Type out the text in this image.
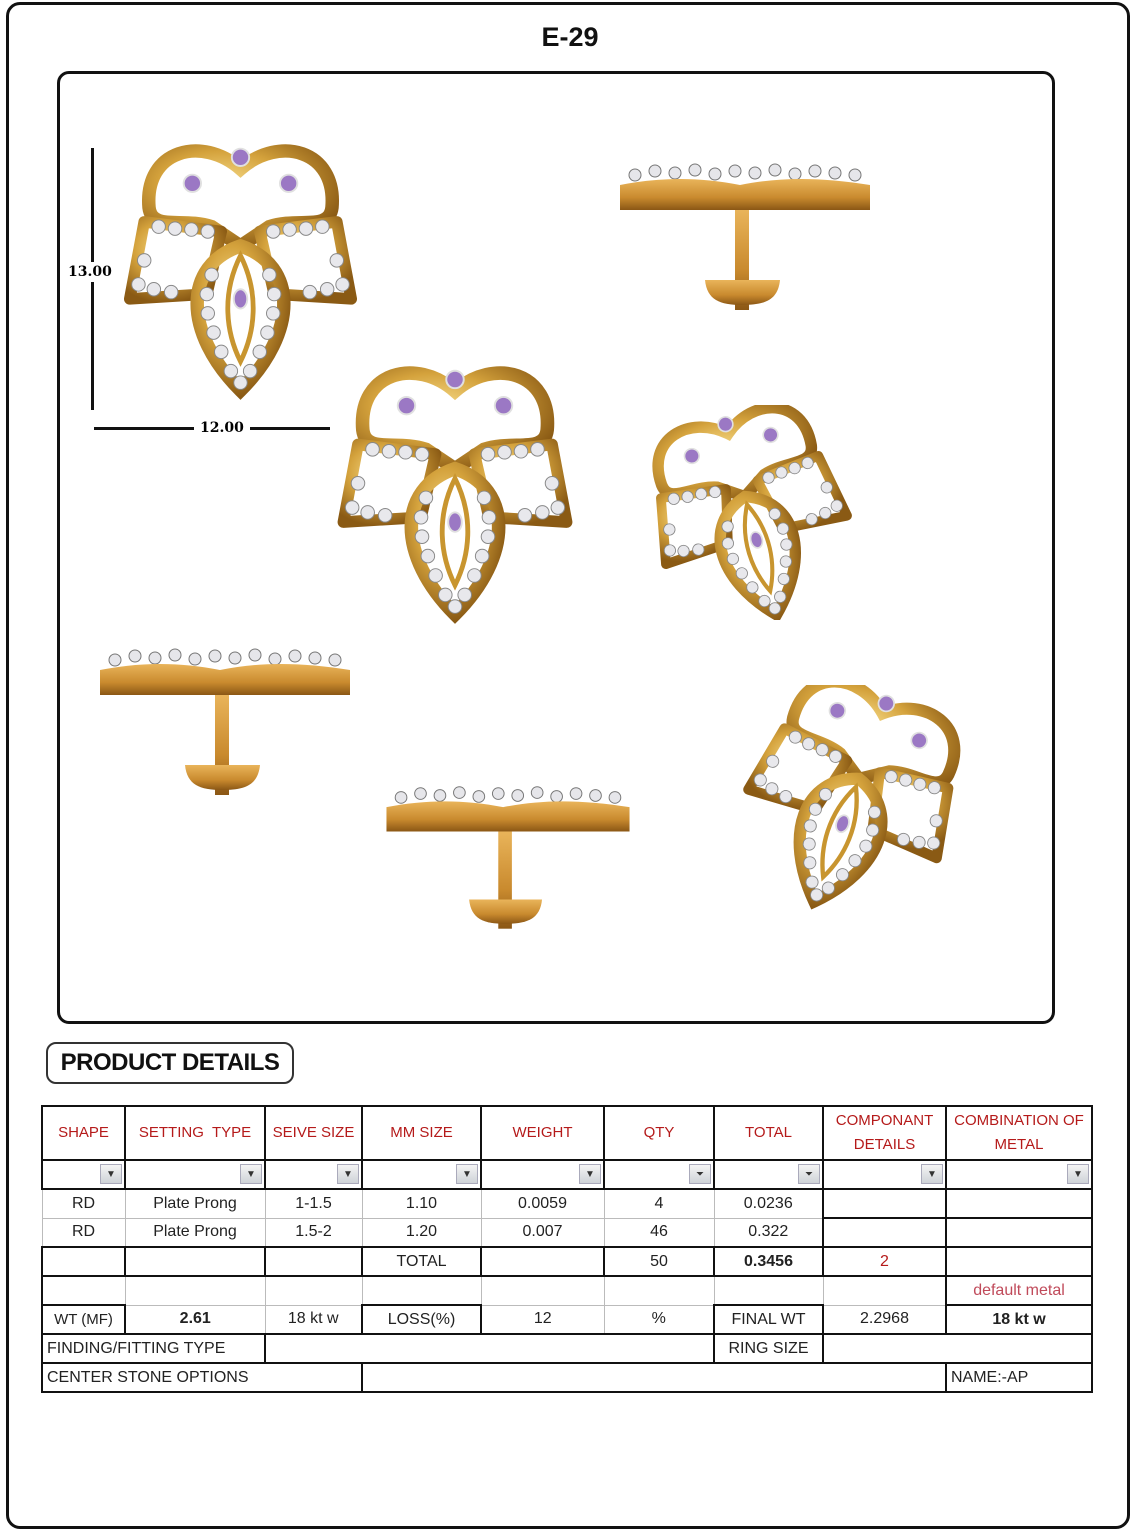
E-29
13.00
12.00
PRODUCT DETAILS
SHAPE	SETTING  TYPE	SEIVE SIZE	MM SIZE	WEIGHT	QTY	TOTAL	COMPONANT DETAILS	COMBINATION OF METAL

▼	▼	▼	▼	▼	⏷	⏷	▼	▼

RD	Plate Prong	1-1.5	1.10	0.0059	4	0.0236		
RD	Plate Prong	1.5-2	1.20	0.007	46	0.322		
			TOTAL		50	0.3456	2	
								default metal
WT (MF)	2.61	18 kt w	LOSS(%)	12	%	FINAL WT	2.2968	18 kt w
FINDING/FITTING TYPE						RING SIZE		
CENTER STONE OPTIONS								NAME:-AP
